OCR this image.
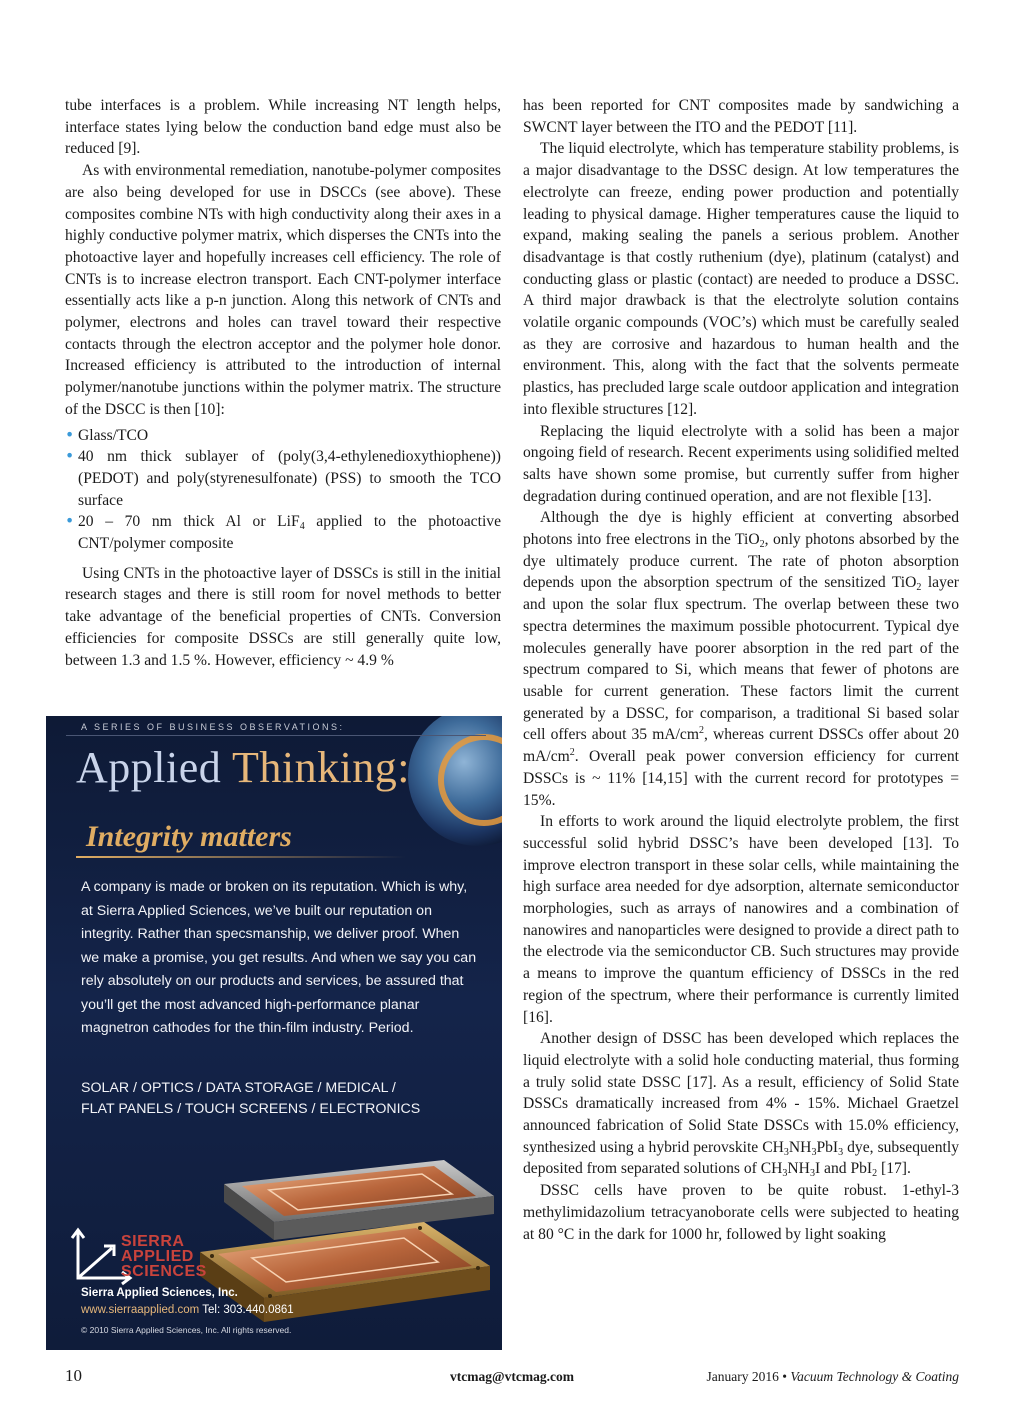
tube interfaces is a problem. While increasing NT length helps, interface states lying below the conduction band edge must also be reduced [9].

As with environmental remediation, nanotube-polymer composites are also being developed for use in DSCCs (see above). These composites combine NTs with high conductivity along their axes in a highly conductive polymer matrix, which disperses the CNTs into the photoactive layer and hopefully increases cell efficiency. The role of CNTs is to increase electron transport. Each CNT-polymer interface essentially acts like a p-n junction. Along this network of CNTs and polymer, electrons and holes can travel toward their respective contacts through the electron acceptor and the polymer hole donor. Increased efficiency is attributed to the introduction of internal polymer/nanotube junctions within the polymer matrix. The structure of the DSCC is then [10]:

• Glass/TCO
• 40 nm thick sublayer of (poly(3,4-ethylenedioxythiophene)) (PEDOT) and poly(styrenesulfonate) (PSS) to smooth the TCO surface
• 20 – 70 nm thick Al or LiF$_4$ applied to the photoactive CNT/polymer composite

Using CNTs in the photoactive layer of DSSCs is still in the initial research stages and there is still room for novel methods to better take advantage of the beneficial properties of CNTs. Conversion efficiencies for composite DSSCs are still generally quite low, between 1.3 and 1.5 %. However, efficiency ~ 4.9 %

has been reported for CNT composites made by sandwiching a SWCNT layer between the ITO and the PEDOT [11].

The liquid electrolyte, which has temperature stability problems, is a major disadvantage to the DSSC design. At low temperatures the electrolyte can freeze, ending power production and potentially leading to physical damage. Higher temperatures cause the liquid to expand, making sealing the panels a serious problem. Another disadvantage is that costly ruthenium (dye), platinum (catalyst) and conducting glass or plastic (contact) are needed to produce a DSSC. A third major drawback is that the electrolyte solution contains volatile organic compounds (VOC’s) which must be carefully sealed as they are corrosive and hazardous to human health and the environment. This, along with the fact that the solvents permeate plastics, has precluded large scale outdoor application and integration into flexible structures [12].

Replacing the liquid electrolyte with a solid has been a major ongoing field of research. Recent experiments using solidified melted salts have shown some promise, but currently suffer from higher degradation during continued operation, and are not flexible [13].

Although the dye is highly efficient at converting absorbed photons into free electrons in the TiO$_2$, only photons absorbed by the dye ultimately produce current. The rate of photon absorption depends upon the absorption spectrum of the sensitized TiO$_2$ layer and upon the solar flux spectrum. The overlap between these two spectra determines the maximum possible photocurrent. Typical dye molecules generally have poorer absorption in the red part of the spectrum compared to Si, which means that fewer of photons are usable for current generation. These factors limit the current generated by a DSSC, for comparison, a traditional Si based solar cell offers about 35 $mA/cm^2$, whereas current DSSCs offer about 20 $mA/cm^2$. Overall peak power conversion efficiency for current DSSCs is ~ 11% [14,15] with the current record for prototypes = 15%.

In efforts to work around the liquid electrolyte problem, the first successful solid hybrid DSSC’s have been developed [13]. To improve electron transport in these solar cells, while maintaining the high surface area needed for dye adsorption, alternate semiconductor morphologies, such as arrays of nanowires and a combination of nanowires and nanoparticles were designed to provide a direct path to the electrode via the semiconductor CB. Such structures may provide a means to improve the quantum efficiency of DSSCs in the red region of the spectrum, where their performance is currently limited [16].

Another design of DSSC has been developed which replaces the liquid electrolyte with a solid hole conducting material, thus forming a truly solid state DSSC [17]. As a result, efficiency of Solid State DSSCs dramatically increased from 4% - 15%. Michael Graetzel announced fabrication of Solid State DSSCs with 15.0% efficiency, synthesized using a hybrid perovskite $CH_3NH_3PbI_3$ dye, subsequently deposited from separated solutions of $CH_3NH_3I$ and PbI$_2$ [17].

DSSC cells have proven to be quite robust. 1-ethyl-3 methylimidazolium tetracyanoborate cells were subjected to heating at 80 °C in the dark for 1000 hr, followed by light soaking

A SERIES OF BUSINESS OBSERVATIONS:
Applied Thinking:
Integrity matters
A company is made or broken on its reputation. Which is why, at Sierra Applied Sciences, we’ve built our reputation on integrity. Rather than specsmanship, we deliver proof. When we make a promise, you get results. And when we say you can rely absolutely on our products and services, be assured that you’ll get the most advanced high-performance planar magnetron cathodes for the thin-film industry. Period.
SOLAR / OPTICS / DATA STORAGE / MEDICAL /
FLAT PANELS / TOUCH SCREENS / ELECTRONICS
SIERRA
APPLIED
SCIENCES
Sierra Applied Sciences, Inc.
www.sierraapplied.com Tel: 303.440.0861
© 2010 Sierra Applied Sciences, Inc. All rights reserved.
10	vtcmag@vtcmag.com	January 2016 • Vacuum Technology & Coating
